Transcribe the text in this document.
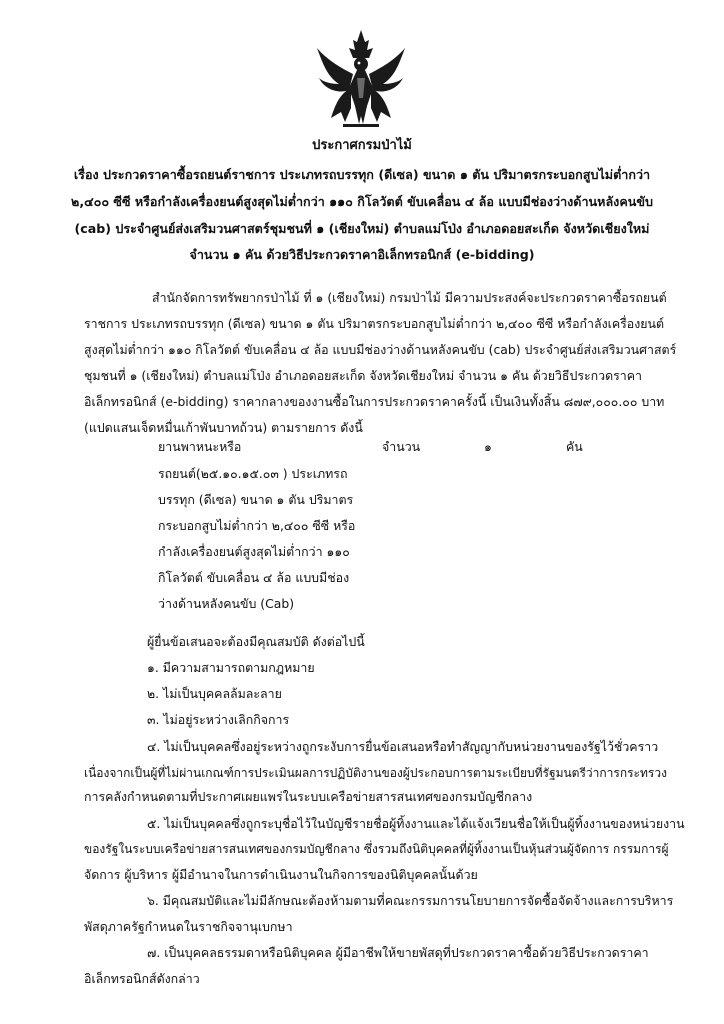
ประกาศกรมป่าไม้
เรื่อง ประกวดราคาซื้อรถยนต์ราชการ ประเภทรถบรรทุก (ดีเซล) ขนาด ๑ ตัน ปริมาตรกระบอกสูบไม่ต่ำกว่า
๒,๔๐๐ ซีซี หรือกำลังเครื่องยนต์สูงสุดไม่ต่ำกว่า ๑๑๐ กิโลวัตต์ ขับเคลื่อน ๔ ล้อ แบบมีช่องว่างด้านหลังคนขับ
(cab) ประจำศูนย์ส่งเสริมวนศาสตร์ชุมชนที่ ๑ (เชียงใหม่) ตำบลแม่โป่ง อำเภอดอยสะเก็ด จังหวัดเชียงใหม่
จำนวน ๑ คัน ด้วยวิธีประกวดราคาอิเล็กทรอนิกส์ (e-bidding)
สำนักจัดการทรัพยากรป่าไม้ ที่ ๑ (เชียงใหม่) กรมป่าไม้ มีความประสงค์จะประกวดราคาซื้อรถยนต์
ราชการ ประเภทรถบรรทุก (ดีเซล) ขนาด ๑ ตัน ปริมาตรกระบอกสูบไม่ต่ำกว่า ๒,๔๐๐ ซีซี หรือกำลังเครื่องยนต์
สูงสุดไม่ต่ำกว่า ๑๑๐ กิโลวัตต์ ขับเคลื่อน ๔ ล้อ แบบมีช่องว่างด้านหลังคนขับ (cab) ประจำศูนย์ส่งเสริมวนศาสตร์
ชุมชนที่ ๑ (เชียงใหม่) ตำบลแม่โป่ง อำเภอดอยสะเก็ด จังหวัดเชียงใหม่ จำนวน ๑ คัน ด้วยวิธีประกวดราคา
อิเล็กทรอนิกส์ (e-bidding) ราคากลางของงานซื้อในการประกวดราคาครั้งนี้ เป็นเงินทั้งสิ้น ๘๗๙,๐๐๐.๐๐ บาท
(แปดแสนเจ็ดหมื่นเก้าพันบาทถ้วน) ตามรายการ ดังนี้
ยานพาหนะหรือ	จำนวน	๑	คัน
รถยนต์(๒๕.๑๐.๑๕.๐๓ ) ประเภทรถ
บรรทุก (ดีเซล) ขนาด ๑ ตัน ปริมาตร
กระบอกสูบไม่ต่ำกว่า ๒,๔๐๐ ซีซี หรือ
กำลังเครื่องยนต์สูงสุดไม่ต่ำกว่า ๑๑๐
กิโลวัตต์ ขับเคลื่อน ๔ ล้อ แบบมีช่อง
ว่างด้านหลังคนขับ (Cab)
ผู้ยื่นข้อเสนอจะต้องมีคุณสมบัติ ดังต่อไปนี้
๑. มีความสามารถตามกฎหมาย
๒. ไม่เป็นบุคคลล้มละลาย
๓. ไม่อยู่ระหว่างเลิกกิจการ
๔. ไม่เป็นบุคคลซึ่งอยู่ระหว่างถูกระงับการยื่นข้อเสนอหรือทำสัญญากับหน่วยงานของรัฐไว้ชั่วคราว
เนื่องจากเป็นผู้ที่ไม่ผ่านเกณฑ์การประเมินผลการปฏิบัติงานของผู้ประกอบการตามระเบียบที่รัฐมนตรีว่าการกระทรวง
การคลังกำหนดตามที่ประกาศเผยแพร่ในระบบเครือข่ายสารสนเทศของกรมบัญชีกลาง
๕. ไม่เป็นบุคคลซึ่งถูกระบุชื่อไว้ในบัญชีรายชื่อผู้ทิ้งงานและได้แจ้งเวียนชื่อให้เป็นผู้ทิ้งงานของหน่วยงาน
ของรัฐในระบบเครือข่ายสารสนเทศของกรมบัญชีกลาง ซึ่งรวมถึงนิติบุคคลที่ผู้ทิ้งงานเป็นหุ้นส่วนผู้จัดการ กรรมการผู้
จัดการ ผู้บริหาร ผู้มีอำนาจในการดำเนินงานในกิจการของนิติบุคคลนั้นด้วย
๖. มีคุณสมบัติและไม่มีลักษณะต้องห้ามตามที่คณะกรรมการนโยบายการจัดซื้อจัดจ้างและการบริหาร
พัสดุภาครัฐกำหนดในราชกิจจานุเบกษา
๗. เป็นบุคคลธรรมดาหรือนิติบุคคล ผู้มีอาชีพให้ขายพัสดุที่ประกวดราคาซื้อด้วยวิธีประกวดราคา
อิเล็กทรอนิกส์ดังกล่าว
